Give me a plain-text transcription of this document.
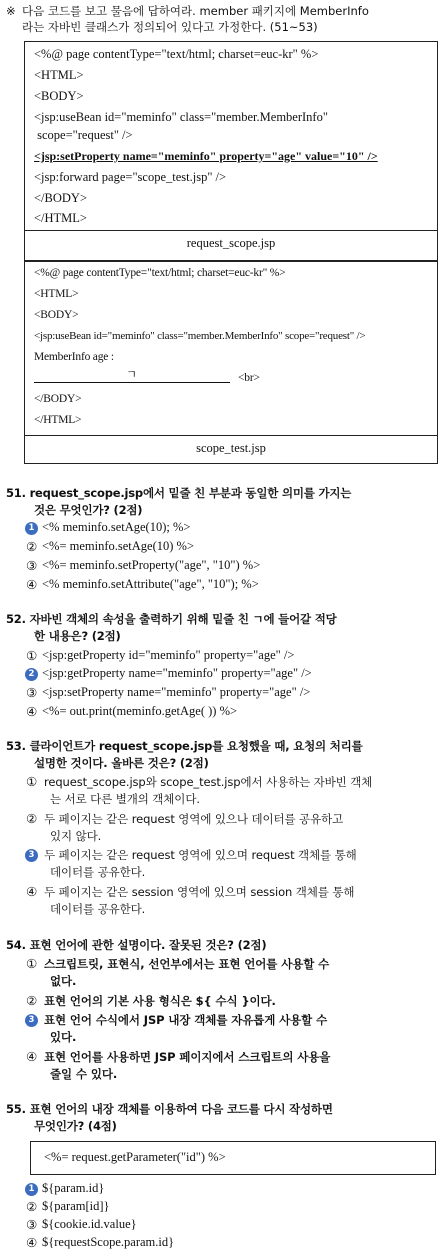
※ 다음 코드를 보고 물음에 답하여라. member 패키지에 MemberInfo
라는 자바빈 클래스가 정의되어 있다고 가정한다. (51~53)
<%@ page contentType="text/html; charset=euc-kr" %>
<HTML>
<BODY>
<jsp:useBean id="meminfo" class="member.MemberInfo"
scope="request" />
<jsp:setProperty name="meminfo" property="age" value="10" />
<jsp:forward page="scope_test.jsp" />
</BODY>
</HTML>
request_scope.jsp
<%@ page contentType="text/html; charset=euc-kr" %>
<HTML>
<BODY>
<jsp:useBean id="meminfo" class="member.MemberInfo" scope="request" />
MemberInfo age :
ㄱ	<br>
</BODY>
</HTML>
scope_test.jsp
51. request_scope.jsp에서 밑줄 친 부분과 동일한 의미를 가지는
것은 무엇인가? (2점)
1 <% meminfo.setAge(10); %>
② <%= meminfo.setAge(10) %>
③ <%= meminfo.setProperty("age", "10") %>
④ <% meminfo.setAttribute("age", "10"); %>
52. 자바빈 객체의 속성을 출력하기 위해 밑줄 친 ㄱ에 들어갈 적당
한 내용은? (2점)
① <jsp:getProperty id="meminfo" property="age" />
2 <jsp:getProperty name="meminfo" property="age" />
③ <jsp:setProperty name="meminfo" property="age" />
④ <%= out.print(meminfo.getAge( )) %>
53. 클라이언트가 request_scope.jsp를 요청했을 때, 요청의 처리를
설명한 것이다. 올바른 것은? (2점)
① request_scope.jsp와 scope_test.jsp에서 사용하는 자바빈 객체
는 서로 다른 별개의 객체이다.
② 두 페이지는 같은 request 영역에 있으나 데이터를 공유하고
있지 않다.
3 두 페이지는 같은 request 영역에 있으며 request 객체를 통해
데이터를 공유한다.
④ 두 페이지는 같은 session 영역에 있으며 session 객체를 통해
데이터를 공유한다.
54. 표현 언어에 관한 설명이다. 잘못된 것은? (2점)
① 스크립트릿, 표현식, 선언부에서는 표현 언어를 사용할 수
없다.
② 표현 언어의 기본 사용 형식은 ${ 수식 }이다.
3 표현 언어 수식에서 JSP 내장 객체를 자유롭게 사용할 수
있다.
④ 표현 언어를 사용하면 JSP 페이지에서 스크립트의 사용을
줄일 수 있다.
55. 표현 언어의 내장 객체를 이용하여 다음 코드를 다시 작성하면
무엇인가? (4점)
<%= request.getParameter("id") %>
1 ${param.id}
② ${param[id]}
③ ${cookie.id.value}
④ ${requestScope.param.id}
